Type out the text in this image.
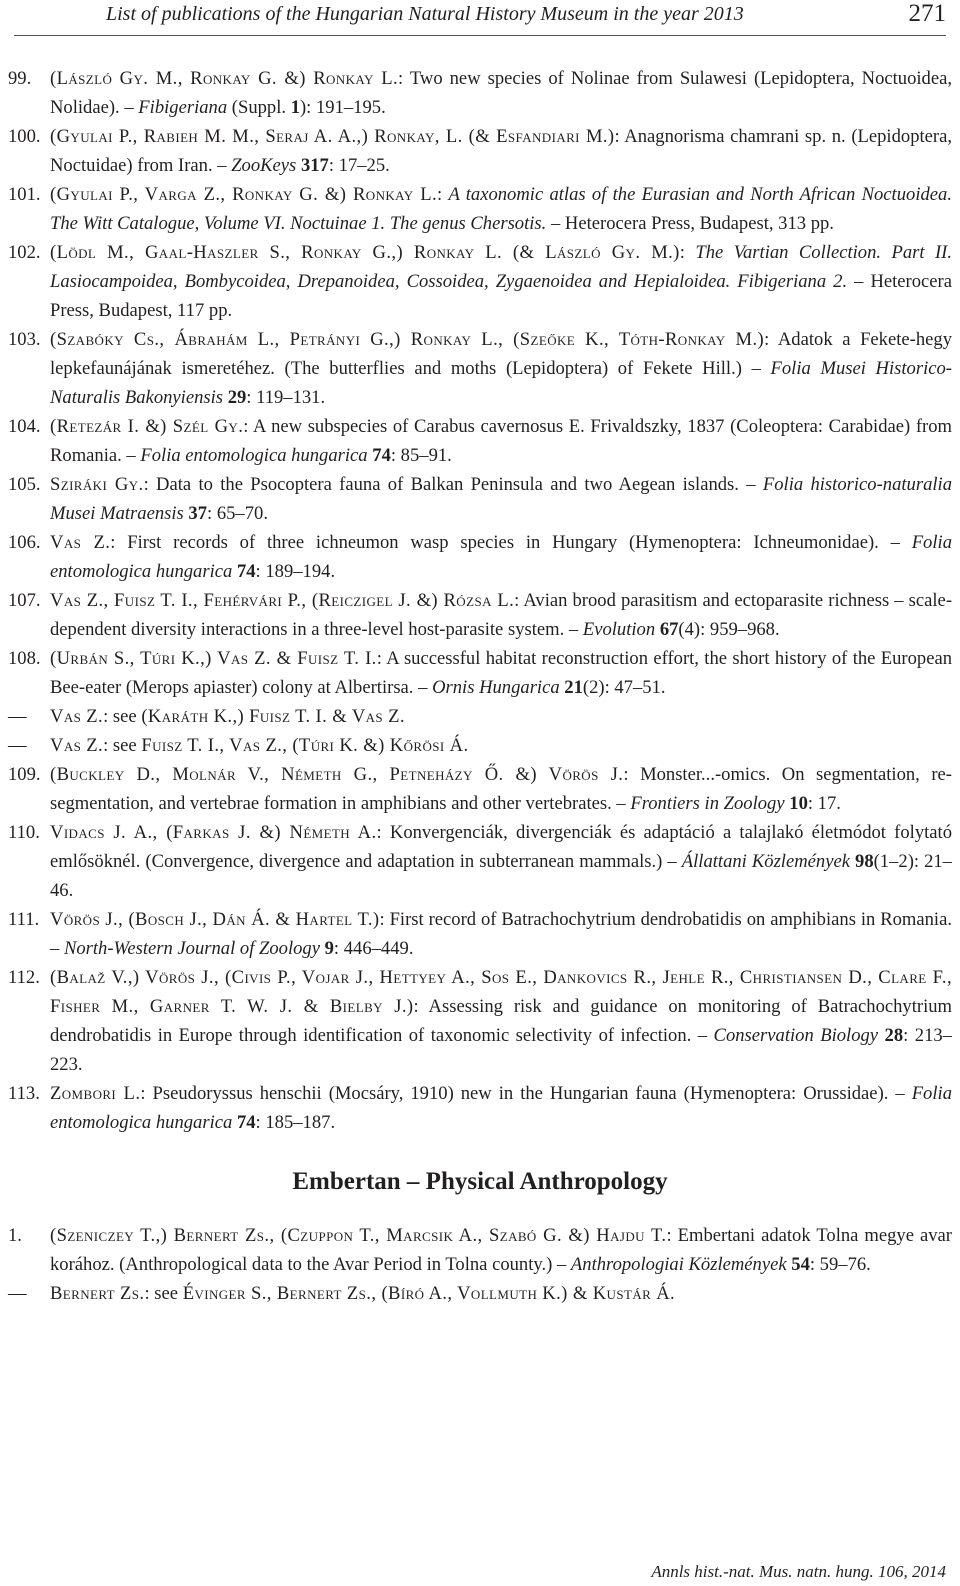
List of publications of the Hungarian Natural History Museum in the year 2013	271
99. (László Gy. M., Ronkay G. &) Ronkay L.: Two new species of Nolinae from Sulawesi (Lepidoptera, Noctuoidea, Nolidae). – Fibigeriana (Suppl. 1): 191–195.
100. (Gyulai P., Rabieh M. M., Seraj A. A.,) Ronkay, L. (& Esfandiari M.): Anagnorisma chamrani sp. n. (Lepidoptera, Noctuidae) from Iran. – ZooKeys 317: 17–25.
101. (Gyulai P., Varga Z., Ronkay G. &) Ronkay L.: A taxonomic atlas of the Eurasian and North African Noctuoidea. The Witt Catalogue, Volume VI. Noctuinae 1. The genus Chersotis. – Heterocera Press, Budapest, 313 pp.
102. (Lödl M., Gaal-Haszler S., Ronkay G.,) Ronkay L. (& László Gy. M.): The Vartian Collection. Part II. Lasiocampoidea, Bombycoidea, Drepanoidea, Cossoidea, Zygaenoidea and Hepialoidea. Fibigeriana 2. – Heterocera Press, Budapest, 117 pp.
103. (Szabóky Cs., Ábrahám L., Petrányi G.,) Ronkay L., (Szeőke K., Tóth-Ronkay M.): Adatok a Fekete-hegy lepkefaunájának ismeretéhez. (The butterflies and moths (Lepidoptera) of Fekete Hill.) – Folia Musei Historico-Naturalis Bakonyiensis 29: 119–131.
104. (Retezár I. &) Szél Gy.: A new subspecies of Carabus cavernosus E. Frivaldszky, 1837 (Coleoptera: Carabidae) from Romania. – Folia entomologica hungarica 74: 85–91.
105. Sziráki Gy.: Data to the Psocoptera fauna of Balkan Peninsula and two Aegean islands. – Folia historico-naturalia Musei Matraensis 37: 65–70.
106. Vas Z.: First records of three ichneumon wasp species in Hungary (Hymenoptera: Ichneumonidae). – Folia entomologica hungarica 74: 189–194.
107. Vas Z., Fuisz T. I., Fehérvári P., (Reiczigel J. &) Rózsa L.: Avian brood parasitism and ectoparasite richness – scale-dependent diversity interactions in a three-level host-parasite system. – Evolution 67(4): 959–968.
108. (Urbán S., Túri K.,) Vas Z. & Fuisz T. I.: A successful habitat reconstruction effort, the short history of the European Bee-eater (Merops apiaster) colony at Albertirsa. – Ornis Hungarica 21(2): 47–51.
— Vas Z.: see (Karáth K.,) Fuisz T. I. & Vas Z.
— Vas Z.: see Fuisz T. I., Vas Z., (Túri K. &) Kőrösi Á.
109. (Buckley D., Molnár V., Németh G., Petneházy Ő. &) Vörös J.: Monster...-omics. On segmentation, re-segmentation, and vertebrae formation in amphibians and other vertebrates. – Frontiers in Zoology 10: 17.
110. Vidacs J. A., (Farkas J. &) Németh A.: Konvergenciák, divergenciák és adaptáció a talajlakó életmódot folytató emlősöknél. (Convergence, divergence and adaptation in subterranean mammals.) – Állattani Közlemények 98(1–2): 21–46.
111. Vörös J., (Bosch J., Dán Á. & Hartel T.): First record of Batrachochytrium dendrobatidis on amphibians in Romania. – North-Western Journal of Zoology 9: 446–449.
112. (Balaž V.,) Vörös J., (Civis P., Vojar J., Hettyey A., Sos E., Dankovics R., Jehle R., Christiansen D., Clare F., Fisher M., Garner T. W. J. & Bielby J.): Assessing risk and guidance on monitoring of Batrachochytrium dendrobatidis in Europe through identification of taxonomic selectivity of infection. – Conservation Biology 28: 213–223.
113. Zombori L.: Pseudoryssus henschii (Mocsáry, 1910) new in the Hungarian fauna (Hymenoptera: Orussidae). – Folia entomologica hungarica 74: 185–187.
Embertan – Physical Anthropology
1. (Szeniczey T.,) Bernert Zs., (Czuppon T., Marcsik A., Szabó G. &) Hajdu T.: Embertani adatok Tolna megye avar korához. (Anthropological data to the Avar Period in Tolna county.) – Anthropologiai Közlemények 54: 59–76.
— Bernert Zs.: see Évinger S., Bernert Zs., (Bíró A., Vollmuth K.) & Kustár Á.
Annls hist.-nat. Mus. natn. hung. 106, 2014
